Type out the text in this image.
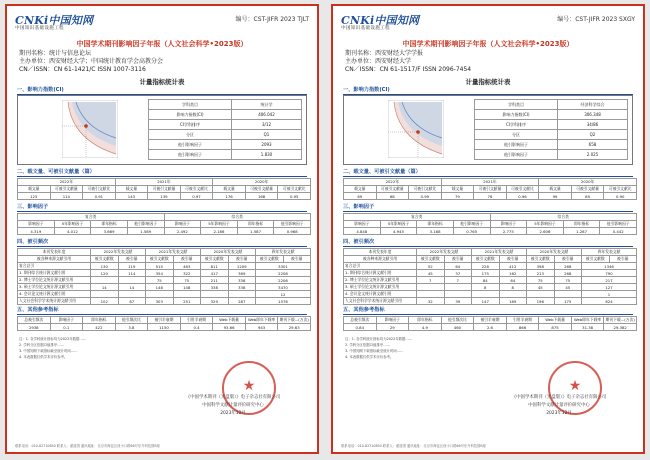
CNKi中国知网
中国知识基础设施工程
编号：CST-JIFR 2023 TJLT
中国学术期刊影响因子年报（人文社会科学•2023版）
期刊名称：统计与信息论坛
主办单位：西安财经大学；中国统计教育学会高教分会
CN／ISSN：CN 61-1421/C ISSN 1007-3116
计量指标统计表
一、影响力指数(CI)
学科类目	统计学
影响力指数(CI)	406.042
CI学科排序	3/12
分区	Q1
他引影响因子	2093
他引影响因子	1.830
二、载文量、可被引文献量（篇）
2022年			2021年			2020年		
载文量	可被引文献量	可被引文献比	载文量	可被引文献量	可被引文献比	载文量	可被引文献量	可被引文献比
125	114	0.91	143	139	0.97	176	168	0.95
三、影响因子
复合类				综合类			
影响因子	5年影响因子	即年指标	他引影响因子	影响因子	5年影响因子	即年指标	他引影响因子
4.319	4.012	3.669	1.589	2.492	2.186	1.587	0.968
四、被引频次
本刊发表年度	2022年发表文献		2021年发表文献		2020年发表文献		四年发表文献	
被各种来源文献引用	被引文献数	被引量	被引文献数	被引量	被引文献数	被引量	被引文献数	被引量
复合总引	130	119	515	463	811	1209	3301	
1. 期刊综合统计源文献引用	120	114	354	322	417	369	2208	
2. 博士学位论文统计源文献引用			75	75	211	338	2206	
3. 硕士学位论文统计源文献引用	14	14	148	148	338	338	3470	
4. 会议论文统计源文献引用							12	
人文社会科学学术统计源文献引用	102	87	303	251	329	287	1576	
五、其他参考指标
总被引频次	影响因子	即年指标	他引频次比	被引半衰期	引用半衰期	Web下载量	Web即年下载率	期刊下载...(万次)
2938	0.1	422	3.8	1150	0.4	93.66	943	29.63
注：1. 各学科统计指标均为2022年数据……
2. 学科分区依据CI值排序……
3. 中国知网下载指标截至统计时间……
4. 本表数据仅供学术评价参考。
★
《中国学术期刊（光盘版）》电子杂志社有限公司
中国科学文献计量评价研究中心
2023年12月
联系电话：010-82710850 联系人：翟道国 通讯地址：北京市海淀区西小口路66号东升科技园B座
CNKi中国知网
中国知识基础设施工程
编号：CST-JIFR 2023 SXGY
中国学术期刊影响因子年报（人文社会科学•2023版）
期刊名称：西安财经大学学报
主办单位：西安财经大学
CN／ISSN：CN 61-1517/F ISSN 2096-7454
计量指标统计表
一、影响力指数(CI)
学科类目	经济科学综合
影响力指数(CI)	306.348
CI学科排序	34/86
分区	Q2
他引影响因子	658
他引影响因子	2.025
二、载文量、可被引文献量（篇）
2022年			2021年			2020年		
载文量	可被引文献量	可被引文献比	载文量	可被引文献量	可被引文献比	载文量	可被引文献量	可被引文献比
69	68	0.99	79	76	0.96	99	89	0.90
三、影响因子
复合类				综合类			
影响因子	5年影响因子	即年指标	他引影响因子	影响因子	5年影响因子	即年指标	他引影响因子
4.848	4.945	3.188	0.765	2.775	2.606	1.287	0.442
四、被引频次
本刊发表年度	2022年发表文献		2021年发表文献		2020年发表文献		四年发表文献	
被各种来源文献引用	被引文献数	被引量	被引文献数	被引量	被引文献数	被引量	被引文献数	被引量
复合总引	52	64	228	412	398	268	1346	
1. 期刊综合统计源文献引用	45	37	175	162	213	268	790	
2. 博士学位论文统计源文献引用	7	7	84	64	75	75	217	
3. 硕士学位论文统计源文献引用			8	8	45	45	127	
4. 会议论文统计源文献引用							1	
人文社会科学学术统计源文献引用	32	39	147	169	196	175	624	
五、其他参考指标
总被引频次	影响因子	即年指标	他引频次比	被引半衰期	引用半衰期	Web下载量	Web即年下载率	期刊下载...(万次)
0.84	29	4.9	460	2.6	866	875	31.38	29.382
注：1. 各学科统计指标均为2022年数据……
2. 学科分区依据CI值排序……
3. 中国知网下载指标截至统计时间……
4. 本表数据仅供学术评价参考。
★
《中国学术期刊（光盘版）》电子杂志社有限公司
中国科学文献计量评价研究中心
2023年12月
联系电话：010-82710850 联系人：翟道国 通讯地址：北京市海淀区西小口路66号东升科技园B座
